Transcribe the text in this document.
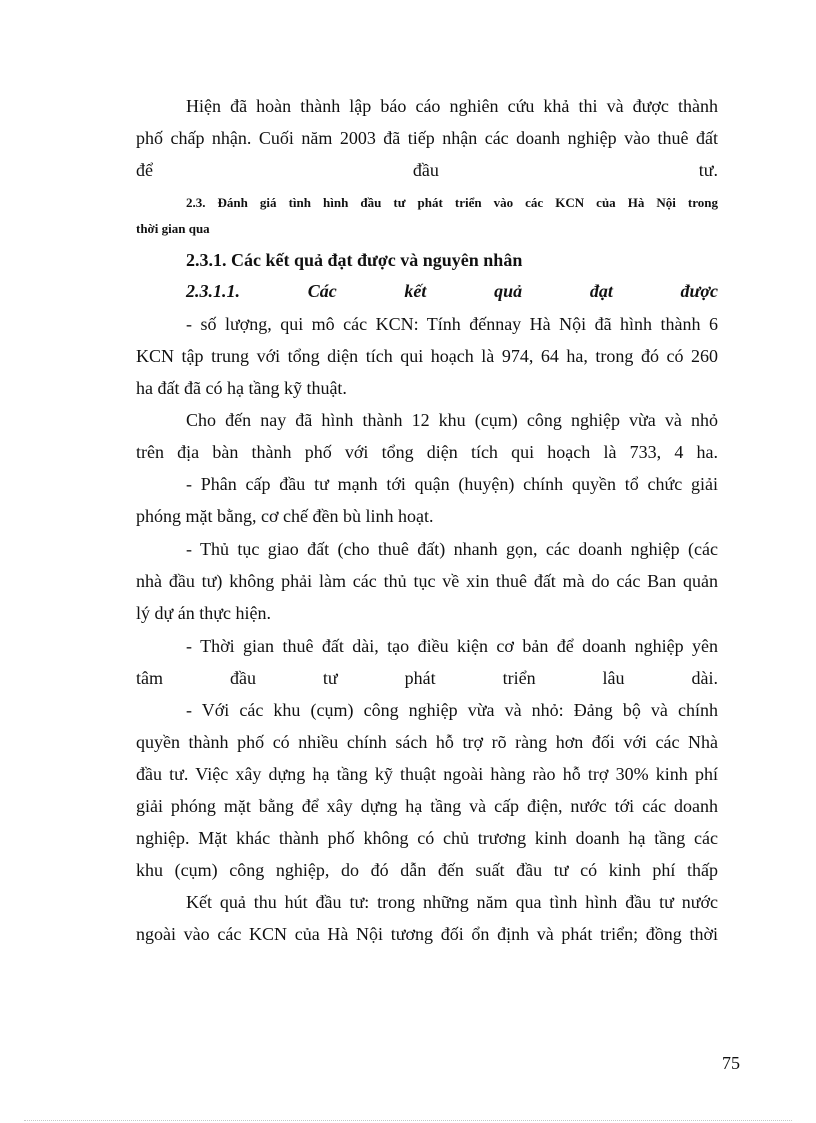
Hiện đã hoàn thành lập báo cáo nghiên cứu khả thi và được thành
phố chấp nhận. Cuối năm 2003 đã tiếp nhận các doanh nghiệp vào thuê đất
để đầu tư.
2.3. Đánh giá tình hình đầu tư phát triển vào các KCN của Hà Nội trong
thời gian qua
2.3.1. Các kết quả đạt được và nguyên nhân
2.3.1.1. Các kết quả đạt được
- số lượng, qui mô các KCN: Tính đếnnay Hà Nội đã hình thành 6
KCN tập trung với tổng diện tích qui hoạch là 974, 64 ha, trong đó có 260
ha đất đã có hạ tầng kỹ thuật.
Cho đến nay đã hình thành 12 khu (cụm) công nghiệp vừa và nhỏ
trên địa bàn thành phố với tổng diện tích qui hoạch là 733, 4 ha.
- Phân cấp đầu tư mạnh tới quận (huyện) chính quyền tổ chức giải
phóng mặt bằng, cơ chế đền bù linh hoạt.
- Thủ tục giao đất (cho thuê đất) nhanh gọn, các doanh nghiệp (các
nhà đầu tư) không phải làm các thủ tục về xin thuê đất mà do các Ban quản
lý dự án thực hiện.
- Thời gian thuê đất dài, tạo điều kiện cơ bản để doanh nghiệp yên
tâm đầu tư phát triển lâu dài.
- Với các khu (cụm) công nghiệp vừa và nhỏ: Đảng bộ và chính
quyền thành phố có nhiều chính sách hỗ trợ rõ ràng hơn đối với các Nhà
đầu tư. Việc xây dựng hạ tầng kỹ thuật ngoài hàng rào hỗ trợ 30% kinh phí
giải phóng mặt bằng để xây dựng hạ tầng và cấp điện, nước tới các doanh
nghiệp. Mặt khác thành phố không có chủ trương kinh doanh hạ tầng các
khu (cụm) công nghiệp, do đó dẫn đến suất đầu tư có kinh phí thấp
Kết quả thu hút đầu tư: trong những năm qua tình hình đầu tư nước
ngoài vào các KCN của Hà Nội tương đối ổn định và phát triển; đồng thời
75
